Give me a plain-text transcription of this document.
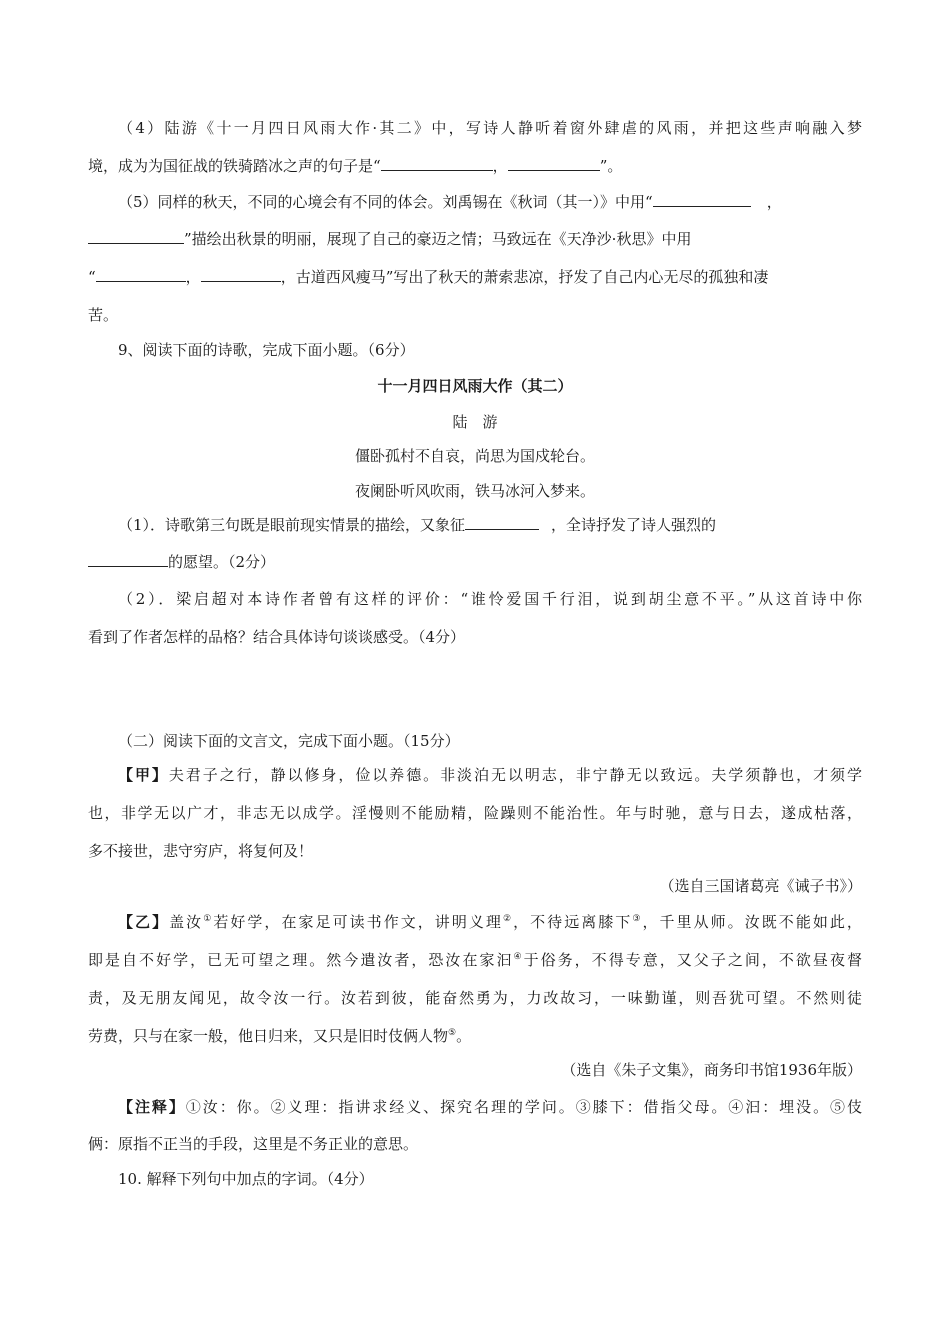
（4）陆游《十一月四日风雨大作·其二》中，写诗人静听着窗外肆虐的风雨，并把这些声响融入梦
境，成为为国征战的铁骑踏冰之声的句子是“	，	”。
（5）同样的秋天，不同的心境会有不同的体会。刘禹锡在《秋词（其一）》中用“	，
”描绘出秋景的明丽，展现了自己的豪迈之情；马致远在《天净沙·秋思》中用
“	，	，古道西风瘦马”写出了秋天的萧索悲凉，抒发了自己内心无尽的孤独和凄
苦。
9、阅读下面的诗歌，完成下面小题。（6分）
十一月四日风雨大作（其二）
陆　游
僵卧孤村不自哀，尚思为国戍轮台。
夜阑卧听风吹雨，铁马冰河入梦来。
（1）．诗歌第三句既是眼前现实情景的描绘，又象征	，全诗抒发了诗人强烈的
的愿望。（2分）
（2）．梁启超对本诗作者曾有这样的评价：“谁怜爱国千行泪，说到胡尘意不平。”从这首诗中你
看到了作者怎样的品格？结合具体诗句谈谈感受。（4分）
（二）阅读下面的文言文，完成下面小题。（15分）
【甲】夫君子之行，静以修身，俭以养德。非淡泊无以明志，非宁静无以致远。夫学须静也，才须学
也，非学无以广才，非志无以成学。淫慢则不能励精，险躁则不能治性。年与时驰，意与日去，遂成枯落，
多不接世，悲守穷庐，将复何及！
（选自三国诸葛亮《诫子书》）
【乙】盖汝①若好学，在家足可读书作文，讲明义理②，不待远离膝下③，千里从师。汝既不能如此，
即是自不好学，已无可望之理。然今遣汝者，恐汝在家汩④于俗务，不得专意，又父子之间，不欲昼夜督
责，及无朋友闻见，故令汝一行。汝若到彼，能奋然勇为，力改故习，一味勤谨，则吾犹可望。不然则徒
劳费，只与在家一般，他日归来，又只是旧时伎俩人物⑤。
（选自《朱子文集》，商务印书馆1936年版）
【注释】①汝：你。②义理：指讲求经义、探究名理的学问。③膝下：借指父母。④汩：埋没。⑤伎
俩：原指不正当的手段，这里是不务正业的意思。
10. 解释下列句中加点的字词。（4分）
